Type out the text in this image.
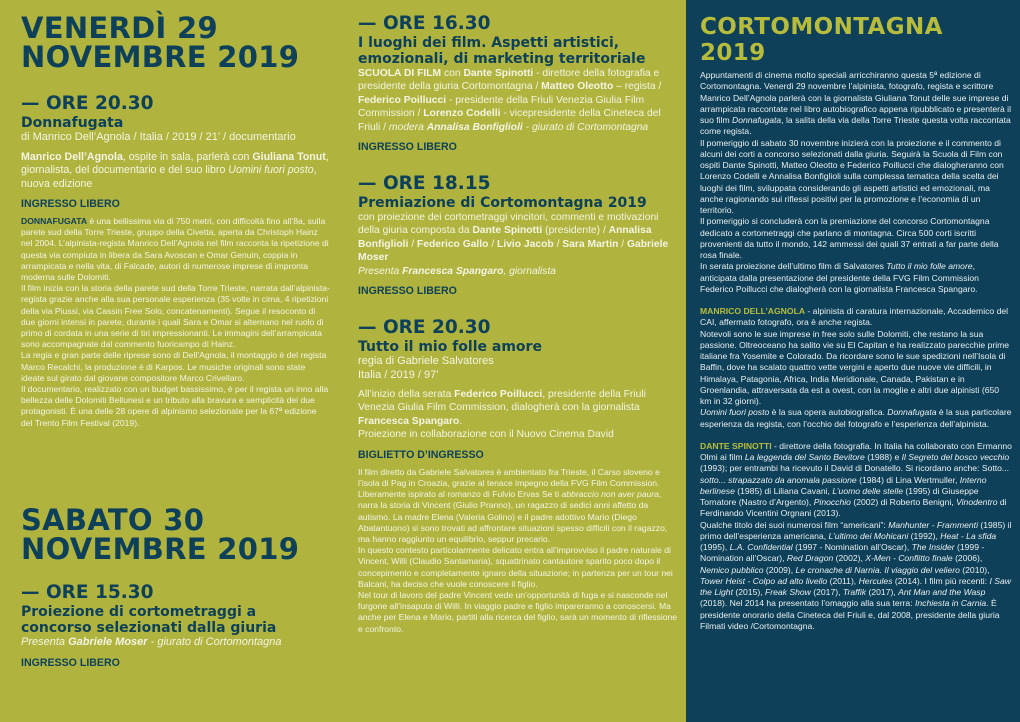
VENERDÌ 29
NOVEMBRE 2019

— ORE 20.30

Donnafugata

di Manrico Dell’Agnola / Italia / 2019 / 21’ / documentario

Manrico Dell’Agnola, ospite in sala, parlerà con Giuliana Tonut, giornalista, del documentario e del suo libro Uomini fuori posto, nuova edizione

INGRESSO LIBERO

DONNAFUGATA è una bellissima via di 750 metri, con difficoltà fino all’8a, sulla parete sud della Torre Trieste, gruppo della Civetta, aperta da Christoph Hainz nel 2004. L’alpinista-regista Manrico Dell’Agnola nel film racconta la ripetizione di questa via compiuta in libera da Sara Avoscan e Omar Genuin, coppia in arrampicata e nella vita, di Falcade, autori di numerose imprese di impronta moderna sulle Dolomiti.

Il film inizia con la storia della parete sud della Torre Trieste, narrata dall’alpinista-regista grazie anche alla sua personale esperienza (35 volte in cima, 4 ripetizioni della via Piussi, via Cassin Free Solo, concatenamenti). Segue il resoconto di due giorni intensi in parete, durante i quali Sara e Omar si alternano nel ruolo di primo di cordata in una serie di tiri impressionanti. Le immagini dell’arrampicata sono accompagnate dal commento fuoricampo di Hainz.

La regia e gran parte delle riprese sono di Dell’Agnola, il montaggio è del regista Marco Recalchi, la produzione è di Karpos. Le musiche originali sono state ideate sul girato dal giovane compositore Marco Crivellaro.

Il documentario, realizzato con un budget bassissimo, è per il regista un inno alla bellezza delle Dolomiti Bellunesi e un tributo alla bravura e semplicità dei due protagonisti. È una delle 28 opere di alpinismo selezionate per la 67ª edizione del Trento Film Festival (2019).

SABATO 30
NOVEMBRE 2019

— ORE 15.30

Proiezione di cortometraggi a concorso selezionati dalla giuria

Presenta Gabriele Moser - giurato di Cortomontagna

INGRESSO LIBERO

— ORE 16.30

I luoghi dei film. Aspetti artistici, emozionali, di marketing territoriale

SCUOLA DI FILM con Dante Spinotti - direttore della fotografia e presidente della giuria Cortomontagna / Matteo Oleotto – regista / Federico Poillucci - presidente della Friuli Venezia Giulia Film Commission / Lorenzo Codelli - vicepresidente della Cineteca del Friuli / modera Annalisa Bonfiglioli - giurato di Cortomontagna

INGRESSO LIBERO

— ORE 18.15

Premiazione di Cortomontagna 2019

con proiezione dei cortometraggi vincitori, commenti e motivazioni della giuria composta da Dante Spinotti (presidente) / Annalisa Bonfiglioli / Federico Gallo / Livio Jacob / Sara Martin / Gabriele Moser

Presenta Francesca Spangaro, giornalista

INGRESSO LIBERO

— ORE 20.30

Tutto il mio folle amore

regia di Gabriele Salvatores

Italia / 2019 / 97’

All’inizio della serata Federico Poillucci, presidente della Friuli Venezia Giulia Film Commission, dialogherà con la giornalista Francesca Spangaro.

Proiezione in collaborazione con il Nuovo Cinema David

BIGLIETTO D’INGRESSO

Il film diretto da Gabriele Salvatores è ambientato fra Trieste, il Carso sloveno e l’isola di Pag in Croazia, grazie al tenace impegno della FVG Film Commission. Liberamente ispirato al romanzo di Fulvio Ervas Se ti abbraccio non aver paura, narra la storia di Vincent (Giulio Pranno), un ragazzo di sedici anni affetto da autismo. La madre Elena (Valeria Golino) e il padre adottivo Mario (Diego Abatantuono) si sono trovati ad affrontare situazioni spesso difficili con il ragazzo, ma hanno raggiunto un equilibrio, seppur precario.

In questo contesto particolarmente delicato entra all’improvviso il padre naturale di Vincent, Willi (Claudio Santamaria), squattrinato cantautore sparito poco dopo il concepimento e completamente ignaro della situazione; in partenza per un tour nei Balcani, ha deciso che vuole conoscere il figlio.

Nel tour di lavoro del padre Vincent vede un’opportunità di fuga e si nasconde nel furgone all’insaputa di Willi. In viaggio padre e figlio impareranno a conoscersi. Ma anche per Elena e Mario, partiti alla ricerca del figlio, sarà un momento di riflessione e confronto.

CORTOMONTAGNA 2019

Appuntamenti di cinema molto speciali arricchiranno questa 5ª edizione di Cortomontagna. Venerdì 29 novembre l’alpinista, fotografo, regista e scrittore Manrico Dell’Agnola parlerà con la giornalista Giuliana Tonut delle sue imprese di arrampicata raccontate nel libro autobiografico appena ripubblicato e presenterà il suo film Donnafugata, la salita della via della Torre Trieste questa volta raccontata come regista.

Il pomeriggio di sabato 30 novembre inizierà con la proiezione e il commento di alcuni dei corti a concorso selezionati dalla giuria. Seguirà la Scuola di Film con ospiti Dante Spinotti, Matteo Oleotto e Federico Poillucci che dialogheranno con Lorenzo Codelli e Annalisa Bonfiglioli sulla complessa tematica della scelta dei luoghi dei film, sviluppata considerando gli aspetti artistici ed emozionali, ma anche ragionando sui riflessi positivi per la promozione e l’economia di un territorio.

Il pomeriggio si concluderà con la premiazione del concorso Cortomontagna dedicato a cortometraggi che parlano di montagna. Circa 500 corti iscritti provenienti da tutto il mondo, 142 ammessi dei quali 37 entrati a far parte della rosa finale.

In serata proiezione dell’ultimo film di Salvatores Tutto il mio folle amore, anticipata dalla presentazione del presidente della FVG Film Commission Federico Poillucci che dialogherà con la giornalista Francesca Spangaro.

MANRICO DELL’AGNOLA - alpinista di caratura internazionale, Accademico del CAI, affermato fotografo, ora è anche regista.

Notevoli sono le sue imprese in free solo sulle Dolomiti, che restano la sua passione. Oltreoceano ha salito vie su El Capitan e ha realizzato parecchie prime italiane fra Yosemite e Colorado. Da ricordare sono le sue spedizioni nell’Isola di Baffin, dove ha scalato quattro vette vergini e aperto due nuove vie difficili, in Himalaya, Patagonia, Africa, India Meridionale, Canada, Pakistan e in Groenlandia, attraversata da est a ovest, con la moglie e altri due alpinisti (650 km in 32 giorni).

Uomini fuori posto è la sua opera autobiografica. Donnafugata è la sua particolare esperienza da regista, con l’occhio del fotografo e l’esperienza dell’alpinista.

DANTE SPINOTTI - direttore della fotografia. In Italia ha collaborato con Ermanno Olmi ai film La leggenda del Santo Bevitore (1988) e Il Segreto del bosco vecchio (1993); per entrambi ha ricevuto il David di Donatello. Si ricordano anche: Sotto... sotto... strapazzato da anomala passione (1984) di Lina Wertmuller, Interno berlinese (1985) di Liliana Cavani, L’uomo delle stelle (1995) di Giuseppe Tornatore (Nastro d’Argento), Pinocchio (2002) di Roberto Benigni, Vinodentro di Ferdinando Vicentini Orgnani (2013).

Qualche titolo dei suoi numerosi film “americani”: Manhunter - Frammenti (1985) il primo dell’esperienza americana, L’ultimo dei Mohicani (1992), Heat - La sfida (1995), L.A. Confidential (1997 - Nomination all’Oscar), The Insider (1999 - Nomination all’Oscar), Red Dragon (2002), X-Men - Conflitto finale (2006), Nemico pubblico (2009), Le cronache di Narnia. Il viaggio del veliero (2010), Tower Heist - Colpo ad alto livello (2011), Hercules (2014). I film più recenti: I Saw the Light (2015), Freak Show (2017), Traffik (2017), Ant Man and the Wasp (2018). Nel 2014 ha presentato l’omaggio alla sua terra: Inchiesta in Carnia. È presidente onorario della Cineteca del Friuli e, dal 2008, presidente della giuria Filmati video /Cortomontagna.
